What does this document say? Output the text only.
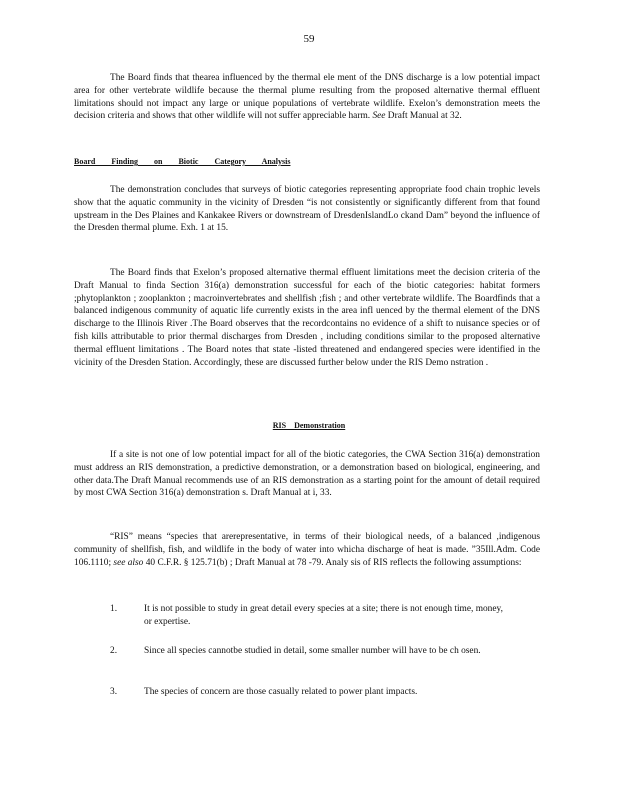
59
The Board finds that thearea influenced by the thermal ele ment of the DNS discharge is a low potential impact area for other vertebrate wildlife because the thermal plume resulting from the proposed alternative thermal effluent limitations should not impact any large or unique populations of vertebrate wildlife. Exelon’s demonstration meets the decision criteria and shows that other wildlife will not suffer appreciable harm. See Draft Manual at 32.
Board Finding on Biotic Category Analysis
The demonstration concludes that surveys of biotic categories representing appropriate food chain trophic levels show that the aquatic community in the vicinity of Dresden “is not consistently or significantly different from that found upstream in the Des Plaines and Kankakee Rivers or downstream of DresdenIslandLo ckand Dam” beyond the influence of the Dresden thermal plume. Exh. 1 at 15.
The Board finds that Exelon’s proposed alternative thermal effluent limitations meet the decision criteria of the Draft Manual to finda Section 316(a) demonstration successful for each of the biotic categories: habitat formers ;phytoplankton ; zooplankton ; macroinvertebrates and shellfish ;fish ; and other vertebrate wildlife. The Boardfinds that a balanced indigenous community of aquatic life currently exists in the area infl uenced by the thermal element of the DNS discharge to the Illinois River .The Board observes that the recordcontains no evidence of a shift to nuisance species or of fish kills attributable to prior thermal discharges from Dresden , including conditions similar to the proposed alternative thermal effluent limitations . The Board notes that state -listed threatened and endangered species were identified in the vicinity of the Dresden Station. Accordingly, these are discussed further below under the RIS Demo nstration .
RIS Demonstration
If a site is not one of low potential impact for all of the biotic categories, the CWA Section 316(a) demonstration must address an RIS demonstration, a predictive demonstration, or a demonstration based on biological, engineering, and other data.The Draft Manual recommends use of an RIS demonstration as a starting point for the amount of detail required by most CWA Section 316(a) demonstration s. Draft Manual at i, 33.
“RIS” means “species that arerepresentative, in terms of their biological needs, of a balanced ,indigenous community of shellfish, fish, and wildlife in the body of water into whicha discharge of heat is made. ”35Ill.Adm. Code 106.1110; see also 40 C.F.R. § 125.71(b) ; Draft Manual at 78 -79. Analy sis of RIS reflects the following assumptions:
1.	It is not possible to study in great detail every species at a site; there is not enough time, money, or expertise.
2.	Since all species cannotbe studied in detail, some smaller number will have to be ch osen.
3.	The species of concern are those casually related to power plant impacts.
